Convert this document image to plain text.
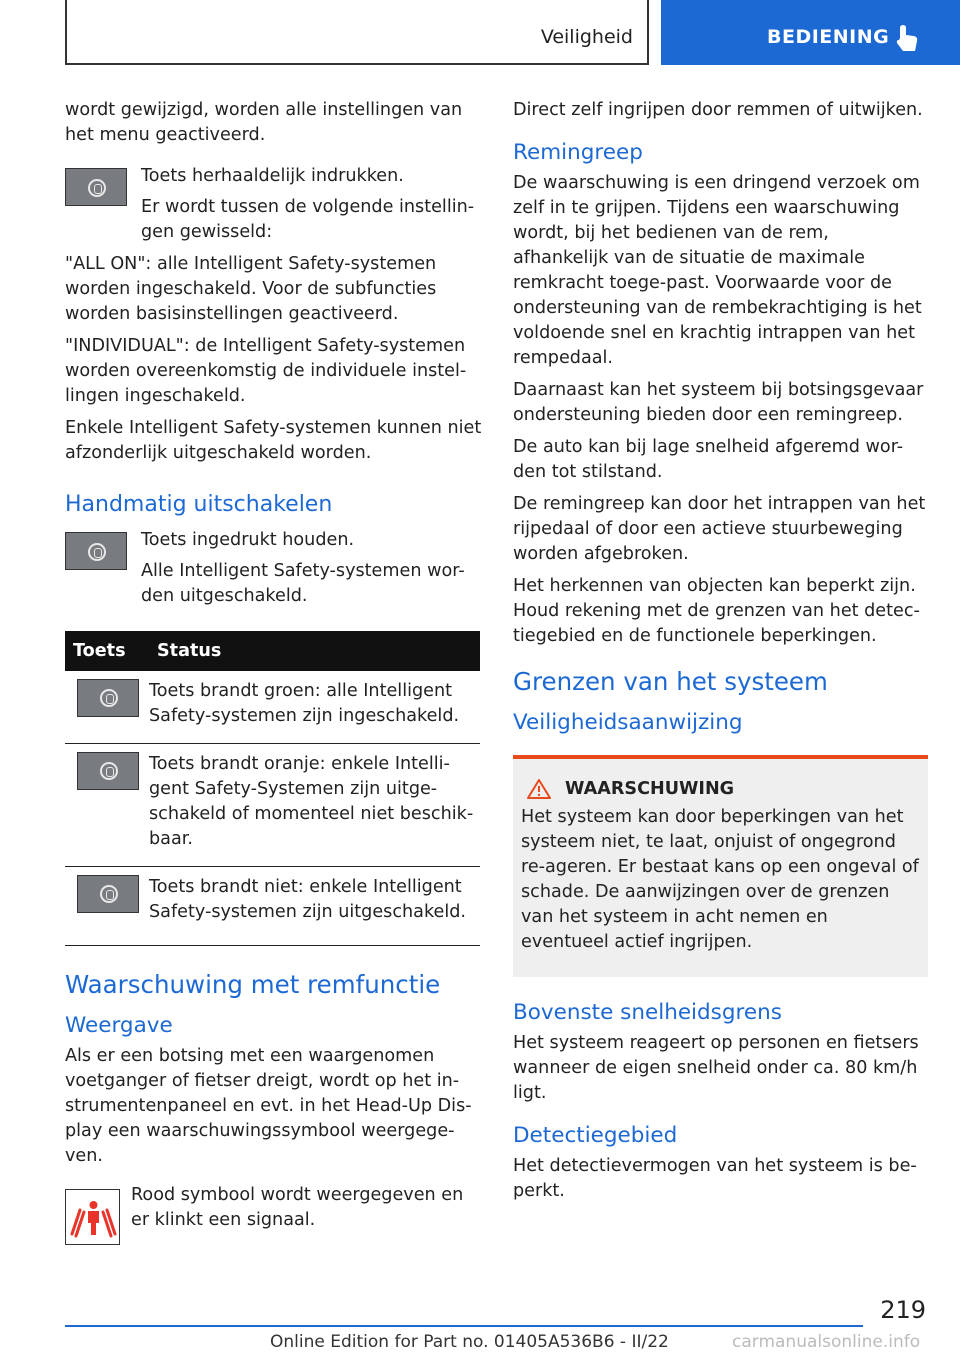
Veiligheid	BEDIENING

wordt gewijzigd, worden alle instellingen van het menu geactiveerd.

Toets herhaaldelijk indrukken.

Er wordt tussen de volgende instellin-gen gewisseld:

"ALL ON": alle Intelligent Safety-systemen worden ingeschakeld. Voor de subfuncties worden basisinstellingen geactiveerd.

"INDIVIDUAL": de Intelligent Safety-systemen worden overeenkomstig de individuele instel-lingen ingeschakeld.

Enkele Intelligent Safety-systemen kunnen niet afzonderlijk uitgeschakeld worden.

Handmatig uitschakelen

Toets ingedrukt houden.

Alle Intelligent Safety-systemen wor-den uitgeschakeld.

Toets	Status

	Toets brandt groen: alle Intelligent Safety-systemen zijn ingeschakeld.

	Toets brandt oranje: enkele Intelli-gent Safety-Systemen zijn uitge-schakeld of momenteel niet beschik-baar.

	Toets brandt niet: enkele Intelligent Safety-systemen zijn uitgeschakeld.
Waarschuwing met remfunctie
Weergave

Als er een botsing met een waargenomen voetganger of fietser dreigt, wordt op het in-strumentenpaneel en evt. in het Head-Up Dis-play een waarschuwingssymbool weergege-ven.

Rood symbool wordt weergegeven en er klinkt een signaal.

Direct zelf ingrijpen door remmen of uitwijken.

Remingreep

De waarschuwing is een dringend verzoek om zelf in te grijpen. Tijdens een waarschuwing wordt, bij het bedienen van de rem, afhankelijk van de situatie de maximale remkracht toege-past. Voorwaarde voor de ondersteuning van de rembekrachtiging is het voldoende snel en krachtig intrappen van het rempedaal.

Daarnaast kan het systeem bij botsingsgevaar ondersteuning bieden door een remingreep.

De auto kan bij lage snelheid afgeremd wor-den tot stilstand.

De remingreep kan door het intrappen van het rijpedaal of door een actieve stuurbeweging worden afgebroken.

Het herkennen van objecten kan beperkt zijn. Houd rekening met de grenzen van het detec-tiegebied en de functionele beperkingen.

Grenzen van het systeem
Veiligheidsaanwijzing
WAARSCHUWING

Het systeem kan door beperkingen van het systeem niet, te laat, onjuist of ongegrond re-ageren. Er bestaat kans op een ongeval of schade. De aanwijzingen over de grenzen van het systeem in acht nemen en eventueel actief ingrijpen.

Bovenste snelheidsgrens

Het systeem reageert op personen en fietsers wanneer de eigen snelheid onder ca. 80 km/h ligt.

Detectiegebied

Het detectievermogen van het systeem is be-perkt.

219
Online Edition for Part no. 01405A536B6 - II/22	carmanualsonline.info
